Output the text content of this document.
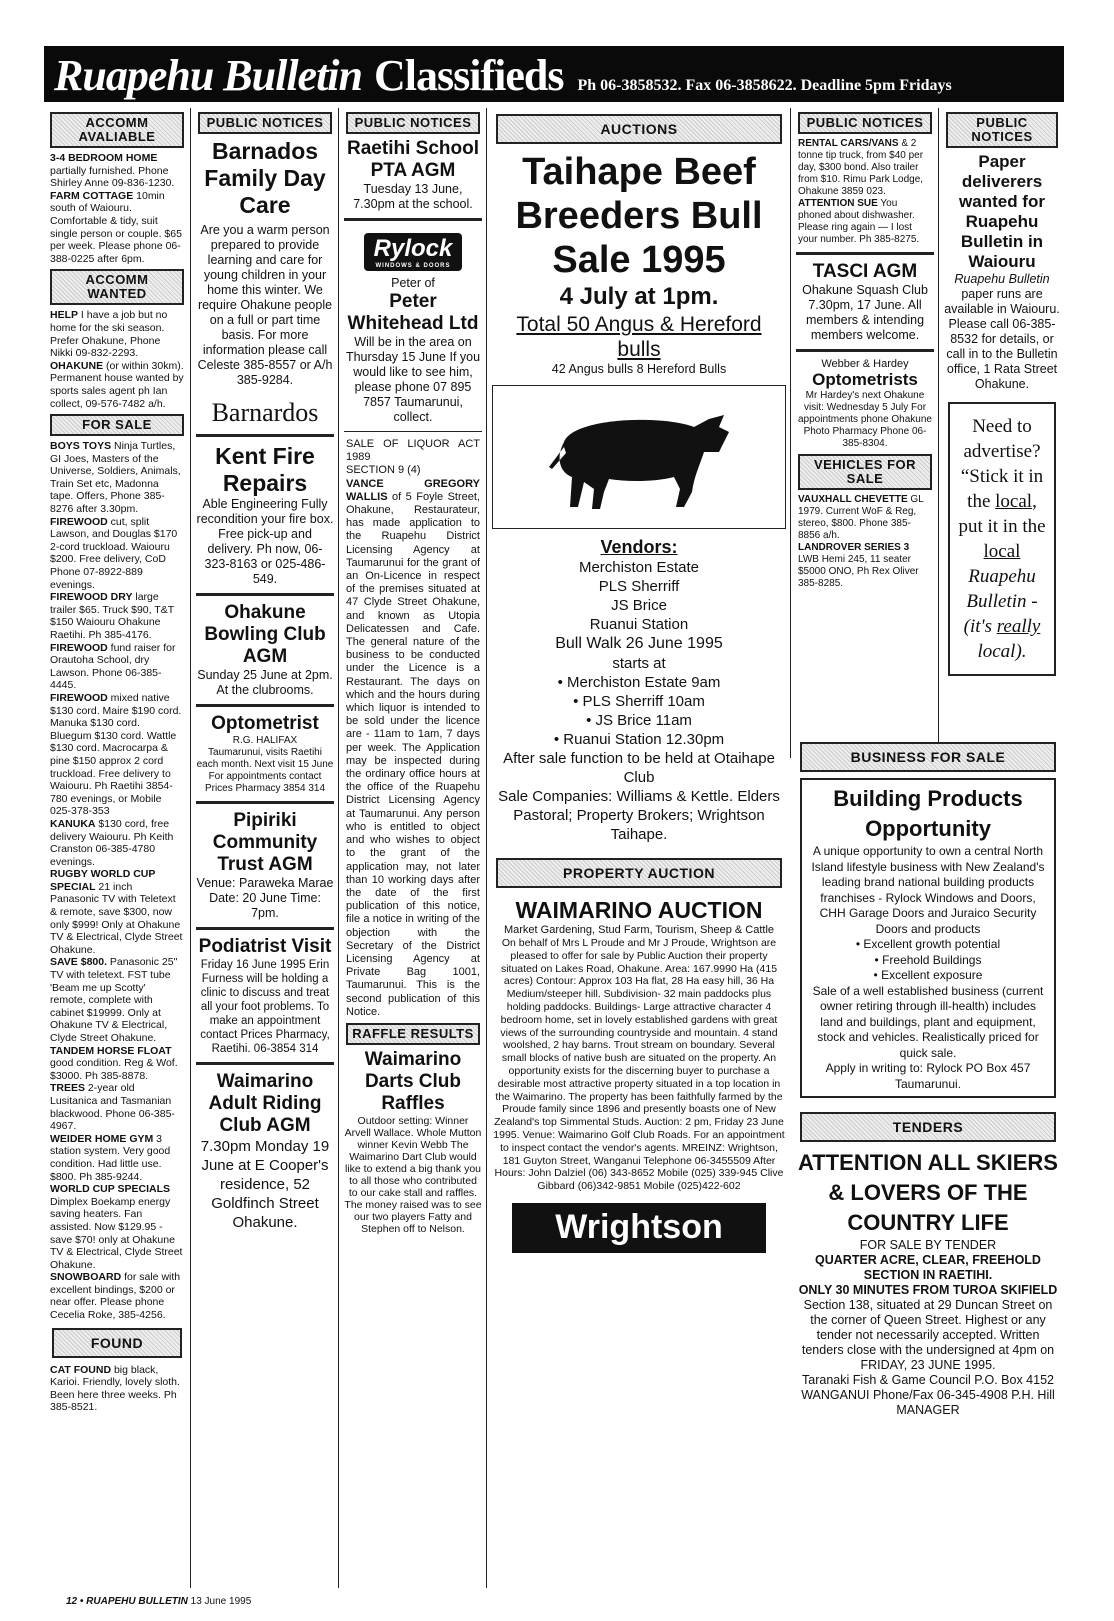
Ruapehu Bulletin Classifieds Ph 06-3858532. Fax 06-3858622. Deadline 5pm Fridays
ACCOMM AVALIABLE
3-4 BEDROOM HOME partially furnished. Phone Shirley Anne 09-836-1230.
FARM COTTAGE 10min south of Waiouru. Comfortable & tidy, suit single person or couple. $65 per week. Please phone 06-388-0225 after 6pm.
ACCOMM WANTED
HELP I have a job but no home for the ski season. Prefer Ohakune, Phone Nikki 09-832-2293.
OHAKUNE (or within 30km). Permanent house wanted by sports sales agent ph Ian collect, 09-576-7482 a/h.
FOR SALE
BOYS TOYS Ninja Turtles, GI Joes, Masters of the Universe, Soldiers, Animals, Train Set etc, Madonna tape. Offers, Phone 385-8276 after 3.30pm.
FIREWOOD cut, split Lawson, and Douglas $170 2-cord truckload. Waiouru $200. Free delivery, CoD Phone 07-8922-889 evenings.
FIREWOOD DRY large trailer $65. Truck $90, T&T $150 Waiouru Ohakune Raetihi. Ph 385-4176.
FIREWOOD fund raiser for Orautoha School, dry Lawson. Phone 06-385-4445.
FIREWOOD mixed native $130 cord. Maire $190 cord. Manuka $130 cord. Bluegum $130 cord. Wattle $130 cord. Macrocarpa & pine $150 approx 2 cord truckload. Free delivery to Waiouru. Ph Raetihi 3854-780 evenings, or Mobile 025-378-353
KANUKA $130 cord, free delivery Waiouru. Ph Keith Cranston 06-385-4780 evenings.
RUGBY WORLD CUP SPECIAL 21 inch Panasonic TV with Teletext & remote, save $300, now only $999! Only at Ohakune TV & Electrical, Clyde Street Ohakune.
SAVE $800. Panasonic 25" TV with teletext. FST tube 'Beam me up Scotty' remote, complete with cabinet $19999. Only at Ohakune TV & Electrical, Clyde Street Ohakune.
TANDEM HORSE FLOAT good condition. Reg & Wof. $3000. Ph 385-8878.
TREES 2-year old Lusitanica and Tasmanian blackwood. Phone 06-385-4967.
WEIDER HOME GYM 3 station system. Very good condition. Had little use. $800. Ph 385-9244.
WORLD CUP SPECIALS Dimplex Boekamp energy saving heaters. Fan assisted. Now $129.95 - save $70! only at Ohakune TV & Electrical, Clyde Street Ohakune.
SNOWBOARD for sale with excellent bindings, $200 or near offer. Please phone Cecelia Roke, 385-4256.
FOUND
CAT FOUND big black, Karioi. Friendly, lovely sloth. Been here three weeks. Ph 385-8521.
PUBLIC NOTICES
Barnados Family Day Care
Are you a warm person prepared to provide learning and care for young children in your home this winter. We require Ohakune people on a full or part time basis. For more information please call Celeste 385-8557 or A/h 385-9284.
Barnardos
Kent Fire Repairs
Able Engineering Fully recondition your fire box. Free pick-up and delivery. Ph now, 06-323-8163 or 025-486-549.
Ohakune Bowling Club AGM
Sunday 25 June at 2pm. At the clubrooms.
Optometrist
R.G. HALIFAX
Taumarunui, visits Raetihi each month. Next visit 15 June For appointments contact Prices Pharmacy 3854 314
Pipiriki Community Trust AGM
Venue: Paraweka Marae Date: 20 June Time: 7pm.
Podiatrist Visit
Friday 16 June 1995 Erin Furness will be holding a clinic to discuss and treat all your foot problems. To make an appointment contact Prices Pharmacy, Raetihi. 06-3854 314
Waimarino Adult Riding Club AGM
7.30pm Monday 19 June at E Cooper's residence, 52 Goldfinch Street Ohakune.
PUBLIC NOTICES
Raetihi School PTA AGM
Tuesday 13 June, 7.30pm at the school.
Rylock
WINDOWS & DOORS
Peter of
Peter Whitehead Ltd
Will be in the area on Thursday 15 June If you would like to see him, please phone 07 895 7857 Taumarunui, collect.
SALE OF LIQUOR ACT 1989
SECTION 9 (4)
VANCE GREGORY WALLIS of 5 Foyle Street, Ohakune, Restaurateur, has made application to the Ruapehu District Licensing Agency at Taumarunui for the grant of an On-Licence in respect of the premises situated at 47 Clyde Street Ohakune, and known as Utopia Delicatessen and Cafe. The general nature of the business to be conducted under the Licence is a Restaurant. The days on which and the hours during which liquor is intended to be sold under the licence are - 11am to 1am, 7 days per week. The Application may be inspected during the ordinary office hours at the office of the Ruapehu District Licensing Agency at Taumarunui. Any person who is entitled to object and who wishes to object to the grant of the application may, not later than 10 working days after the date of the first publication of this notice, file a notice in writing of the objection with the Secretary of the District Licensing Agency at Private Bag 1001, Taumarunui. This is the second publication of this Notice.
RAFFLE RESULTS
Waimarino Darts Club Raffles
Outdoor setting: Winner Arvell Wallace. Whole Mutton winner Kevin Webb The Waimarino Dart Club would like to extend a big thank you to all those who contributed to our cake stall and raffles. The money raised was to see our two players Fatty and Stephen off to Nelson.
AUCTIONS
Taihape Beef Breeders Bull Sale 1995
4 July at 1pm.
Total 50 Angus & Hereford bulls
42 Angus bulls 8 Hereford Bulls
Vendors:
Merchiston Estate
PLS Sherriff
JS Brice
Ruanui Station
Bull Walk 26 June 1995
starts at
• Merchiston Estate 9am
• PLS Sherriff 10am
• JS Brice 11am
• Ruanui Station 12.30pm
After sale function to be held at Otaihape Club
Sale Companies: Williams & Kettle. Elders Pastoral; Property Brokers; Wrightson Taihape.
PROPERTY AUCTION
WAIMARINO AUCTION
Market Gardening, Stud Farm, Tourism, Sheep & Cattle
On behalf of Mrs L Proude and Mr J Proude, Wrightson are pleased to offer for sale by Public Auction their property situated on Lakes Road, Ohakune. Area: 167.9990 Ha (415 acres) Contour: Approx 103 Ha flat, 28 Ha easy hill, 36 Ha Medium/steeper hill. Subdivision- 32 main paddocks plus holding paddocks. Buildings- Large attractive character 4 bedroom home, set in lovely established gardens with great views of the surrounding countryside and mountain. 4 stand woolshed, 2 hay barns. Trout stream on boundary. Several small blocks of native bush are situated on the property. An opportunity exists for the discerning buyer to purchase a desirable most attractive property situated in a top location in the Waimarino. The property has been faithfully farmed by the Proude family since 1896 and presently boasts one of New Zealand's top Simmental Studs. Auction: 2 pm, Friday 23 June 1995. Venue: Waimarino Golf Club Roads. For an appointment to inspect contact the vendor's agents. MREINZ: Wrightson, 181 Guyton Street, Wanganui Telephone 06-3455509 After Hours: John Dalziel (06) 343-8652 Mobile (025) 339-945 Clive Gibbard (06)342-9851 Mobile (025)422-602
Wrightson
PUBLIC NOTICES
RENTAL CARS/VANS & 2 tonne tip truck, from $40 per day, $300 bond. Also trailer from $10. Rimu Park Lodge, Ohakune 3859 023.
ATTENTION SUE You phoned about dishwasher. Please ring again — I lost your number. Ph 385-8275.
TASCI AGM
Ohakune Squash Club 7.30pm, 17 June. All members & intending members welcome.
Webber & Hardey
Optometrists
Mr Hardey's next Ohakune visit: Wednesday 5 July For appointments phone Ohakune Photo Pharmacy Phone 06-385-8304.
VEHICLES FOR SALE
VAUXHALL CHEVETTE GL 1979. Current WoF & Reg, stereo, $800. Phone 385-8856 a/h.
LANDROVER SERIES 3 LWB Hemi 245, 11 seater $5000 ONO, Ph Rex Oliver 385-8285.
PUBLIC NOTICES
Paper deliverers wanted for Ruapehu Bulletin in Waiouru
Ruapehu Bulletin
paper runs are available in Waiouru. Please call 06-385-8532 for details, or call in to the Bulletin office, 1 Rata Street Ohakune.
Need to advertise? “Stick it in the local, put it in the local Ruapehu Bulletin - (it's really local).
BUSINESS FOR SALE
Building Products Opportunity
A unique opportunity to own a central North Island lifestyle business with New Zealand's leading brand national building products franchises - Rylock Windows and Doors, CHH Garage Doors and Juraico Security Doors and products
• Excellent growth potential
• Freehold Buildings
• Excellent exposure
Sale of a well established business (current owner retiring through ill-health) includes land and buildings, plant and equipment, stock and vehicles. Realistically priced for quick sale.
Apply in writing to: Rylock PO Box 457 Taumarunui.
TENDERS
ATTENTION ALL SKIERS & LOVERS OF THE COUNTRY LIFE
FOR SALE BY TENDER
QUARTER ACRE, CLEAR, FREEHOLD SECTION IN RAETIHI.
ONLY 30 MINUTES FROM TUROA SKIFIELD
Section 138, situated at 29 Duncan Street on the corner of Queen Street. Highest or any tender not necessarily accepted. Written tenders close with the undersigned at 4pm on FRIDAY, 23 JUNE 1995.
Taranaki Fish & Game Council P.O. Box 4152 WANGANUI Phone/Fax 06-345-4908 P.H. Hill MANAGER
12 • RUAPEHU BULLETIN 13 June 1995
